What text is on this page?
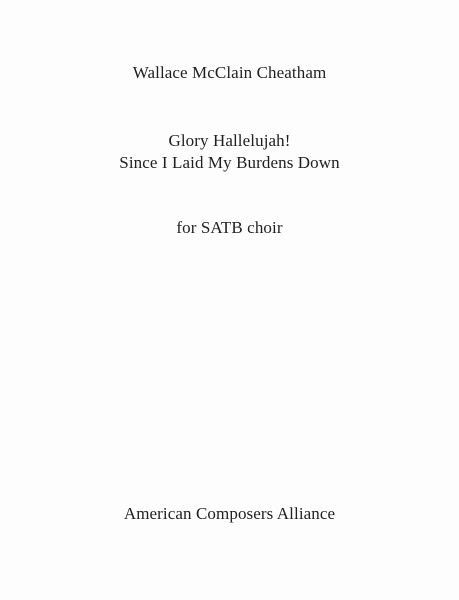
Wallace McClain Cheatham
Glory Hallelujah!
Since I Laid My Burdens Down
for SATB choir
American Composers Alliance
